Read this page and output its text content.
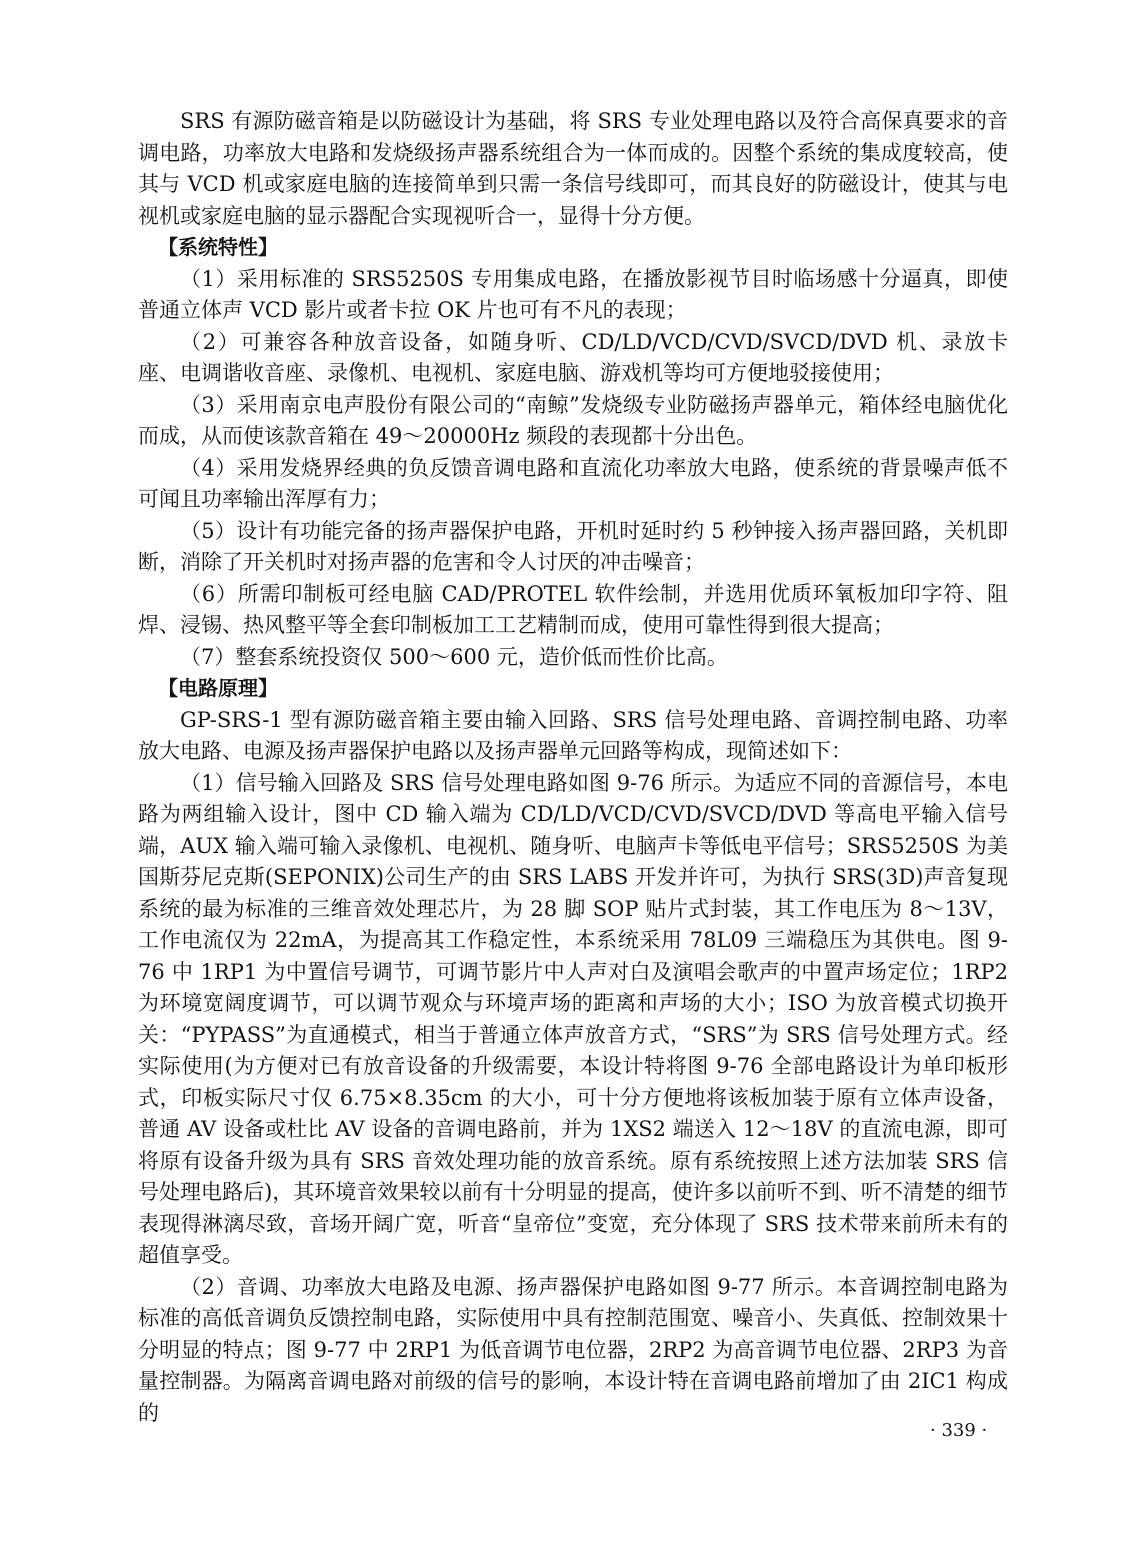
SRS 有源防磁音箱是以防磁设计为基础，将 SRS 专业处理电路以及符合高保真要求的音调电路，功率放大电路和发烧级扬声器系统组合为一体而成的。因整个系统的集成度较高，使其与 VCD 机或家庭电脑的连接简单到只需一条信号线即可，而其良好的防磁设计，使其与电视机或家庭电脑的显示器配合实现视听合一，显得十分方便。

【系统特性】

（1）采用标准的 SRS5250S 专用集成电路，在播放影视节目时临场感十分逼真，即使普通立体声 VCD 影片或者卡拉 OK 片也可有不凡的表现；

（2）可兼容各种放音设备，如随身听、CD/LD/VCD/CVD/SVCD/DVD 机、录放卡座、电调谐收音座、录像机、电视机、家庭电脑、游戏机等均可方便地驳接使用；

（3）采用南京电声股份有限公司的“南鲸”发烧级专业防磁扬声器单元，箱体经电脑优化而成，从而使该款音箱在 49～20000Hz 频段的表现都十分出色。

（4）采用发烧界经典的负反馈音调电路和直流化功率放大电路，使系统的背景噪声低不可闻且功率输出浑厚有力；

（5）设计有功能完备的扬声器保护电路，开机时延时约 5 秒钟接入扬声器回路，关机即断，消除了开关机时对扬声器的危害和令人讨厌的冲击噪音；

（6）所需印制板可经电脑 CAD/PROTEL 软件绘制，并选用优质环氧板加印字符、阻焊、浸锡、热风整平等全套印制板加工工艺精制而成，使用可靠性得到很大提高；

（7）整套系统投资仅 500～600 元，造价低而性价比高。

【电路原理】

GP-SRS-1 型有源防磁音箱主要由输入回路、SRS 信号处理电路、音调控制电路、功率放大电路、电源及扬声器保护电路以及扬声器单元回路等构成，现简述如下：

（1）信号输入回路及 SRS 信号处理电路如图 9-76 所示。为适应不同的音源信号，本电路为两组输入设计，图中 CD 输入端为 CD/LD/VCD/CVD/SVCD/DVD 等高电平输入信号端，AUX 输入端可输入录像机、电视机、随身听、电脑声卡等低电平信号；SRS5250S 为美国斯芬尼克斯(SEPONIX)公司生产的由 SRS LABS 开发并许可，为执行 SRS(3D)声音复现系统的最为标准的三维音效处理芯片，为 28 脚 SOP 贴片式封装，其工作电压为 8～13V，工作电流仅为 22mA，为提高其工作稳定性，本系统采用 78L09 三端稳压为其供电。图 9-76 中 1RP1 为中置信号调节，可调节影片中人声对白及演唱会歌声的中置声场定位；1RP2 为环境宽阔度调节，可以调节观众与环境声场的距离和声场的大小；ISO 为放音模式切换开关：“PYPASS”为直通模式，相当于普通立体声放音方式，“SRS”为 SRS 信号处理方式。经实际使用(为方便对已有放音设备的升级需要，本设计特将图 9-76 全部电路设计为单印板形式，印板实际尺寸仅 6.75×8.35cm 的大小，可十分方便地将该板加装于原有立体声设备，普通 AV 设备或杜比 AV 设备的音调电路前，并为 1XS2 端送入 12～18V 的直流电源，即可将原有设备升级为具有 SRS 音效处理功能的放音系统。原有系统按照上述方法加装 SRS 信号处理电路后)，其环境音效果较以前有十分明显的提高，使许多以前听不到、听不清楚的细节表现得淋漓尽致，音场开阔广宽，听音“皇帝位”变宽，充分体现了 SRS 技术带来前所未有的超值享受。

（2）音调、功率放大电路及电源、扬声器保护电路如图 9-77 所示。本音调控制电路为标准的高低音调负反馈控制电路，实际使用中具有控制范围宽、噪音小、失真低、控制效果十分明显的特点；图 9-77 中 2RP1 为低音调节电位器，2RP2 为高音调节电位器、2RP3 为音量控制器。为隔离音调电路对前级的信号的影响，本设计特在音调电路前增加了由 2IC1 构成的

· 339 ·
